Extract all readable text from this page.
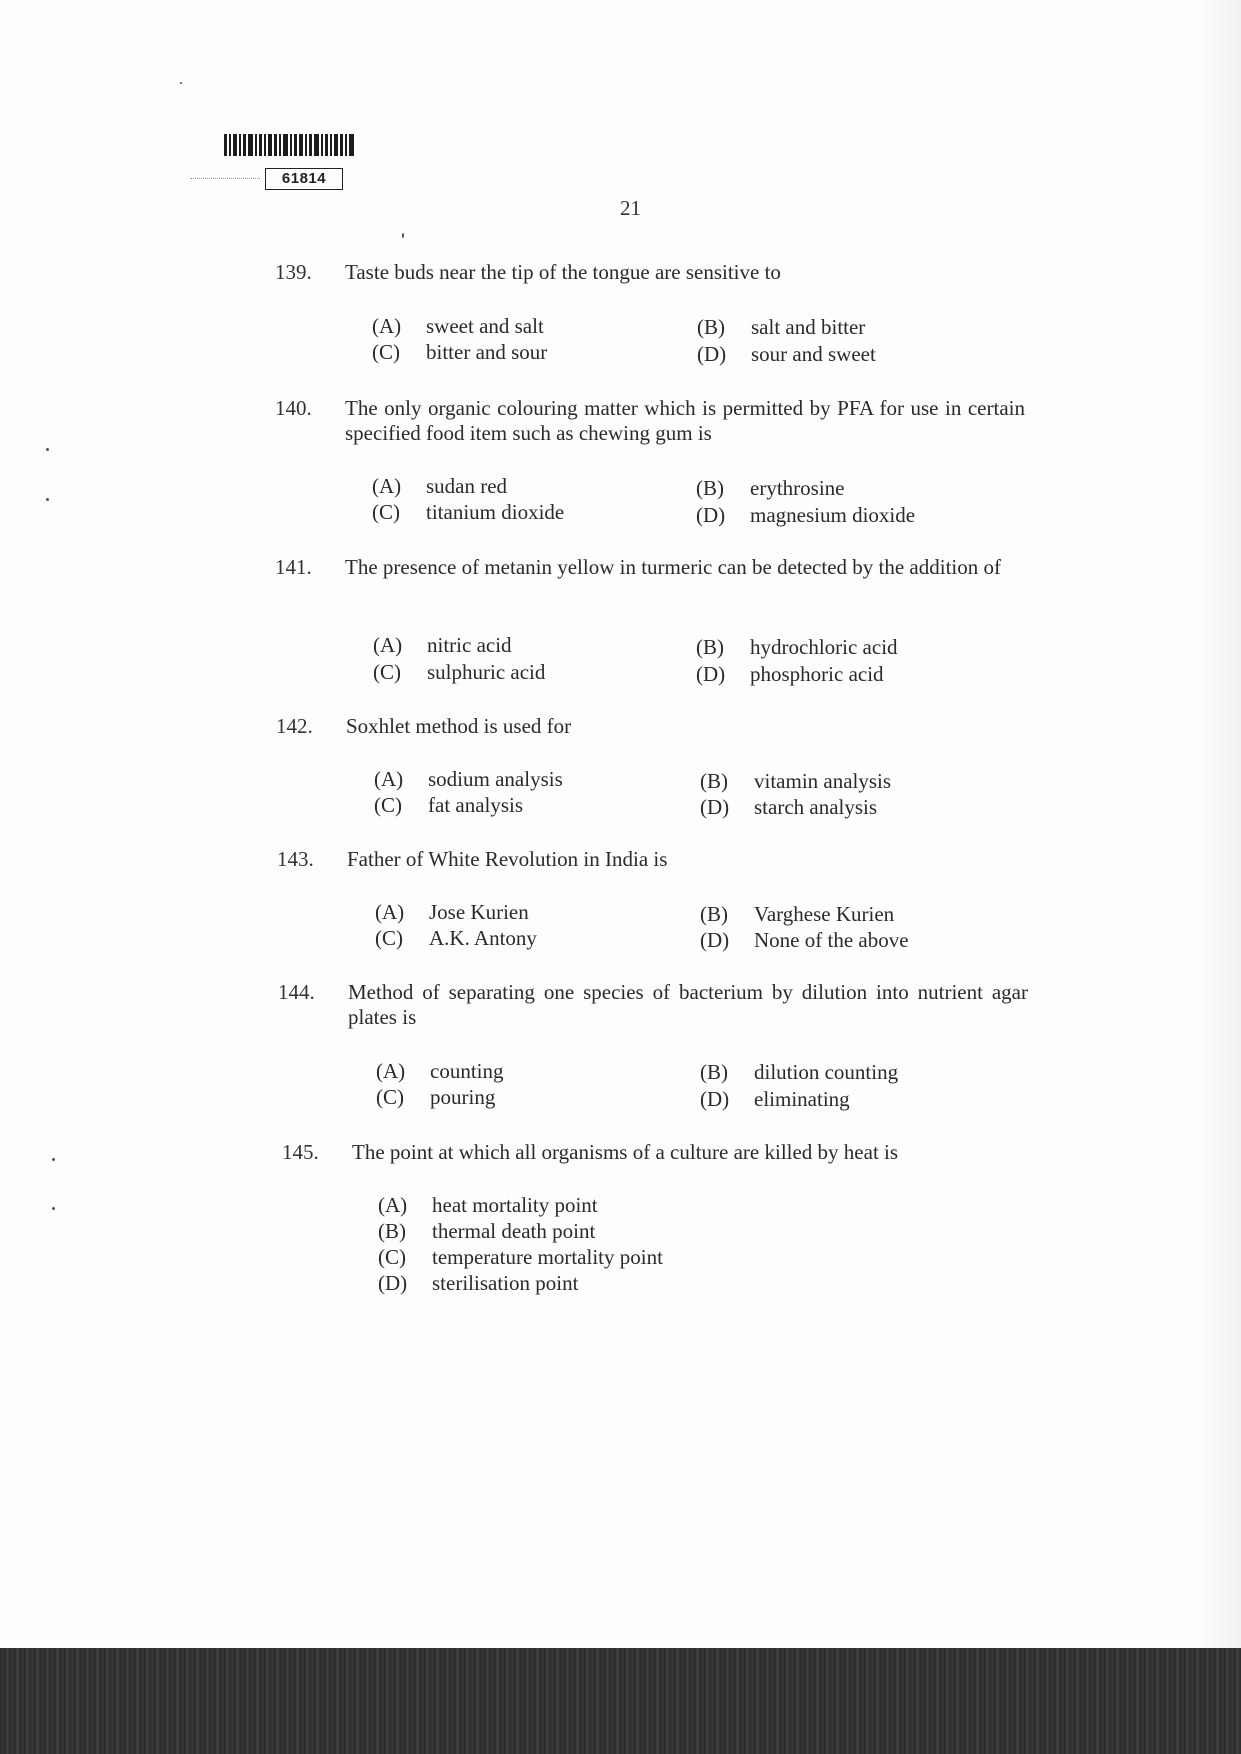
61814
21
139. Taste buds near the tip of the tongue are sensitive to
(A) sweet and salt	(B) salt and bitter
(C) bitter and sour	(D) sour and sweet
140. The only organic colouring matter which is permitted by PFA for use in certain specified food item such as chewing gum is
(A) sudan red	(B) erythrosine
(C) titanium dioxide	(D) magnesium dioxide
141. The presence of metanin yellow in turmeric can be detected by the addition of
(A) nitric acid	(B) hydrochloric acid
(C) sulphuric acid	(D) phosphoric acid
142. Soxhlet method is used for
(A) sodium analysis	(B) vitamin analysis
(C) fat analysis	(D) starch analysis
143. Father of White Revolution in India is
(A) Jose Kurien	(B) Varghese Kurien
(C) A.K. Antony	(D) None of the above
144. Method of separating one species of bacterium by dilution into nutrient agar plates is
(A) counting	(B) dilution counting
(C) pouring	(D) eliminating
145. The point at which all organisms of a culture are killed by heat is
(A) heat mortality point
(B) thermal death point
(C) temperature mortality point
(D) sterilisation point
